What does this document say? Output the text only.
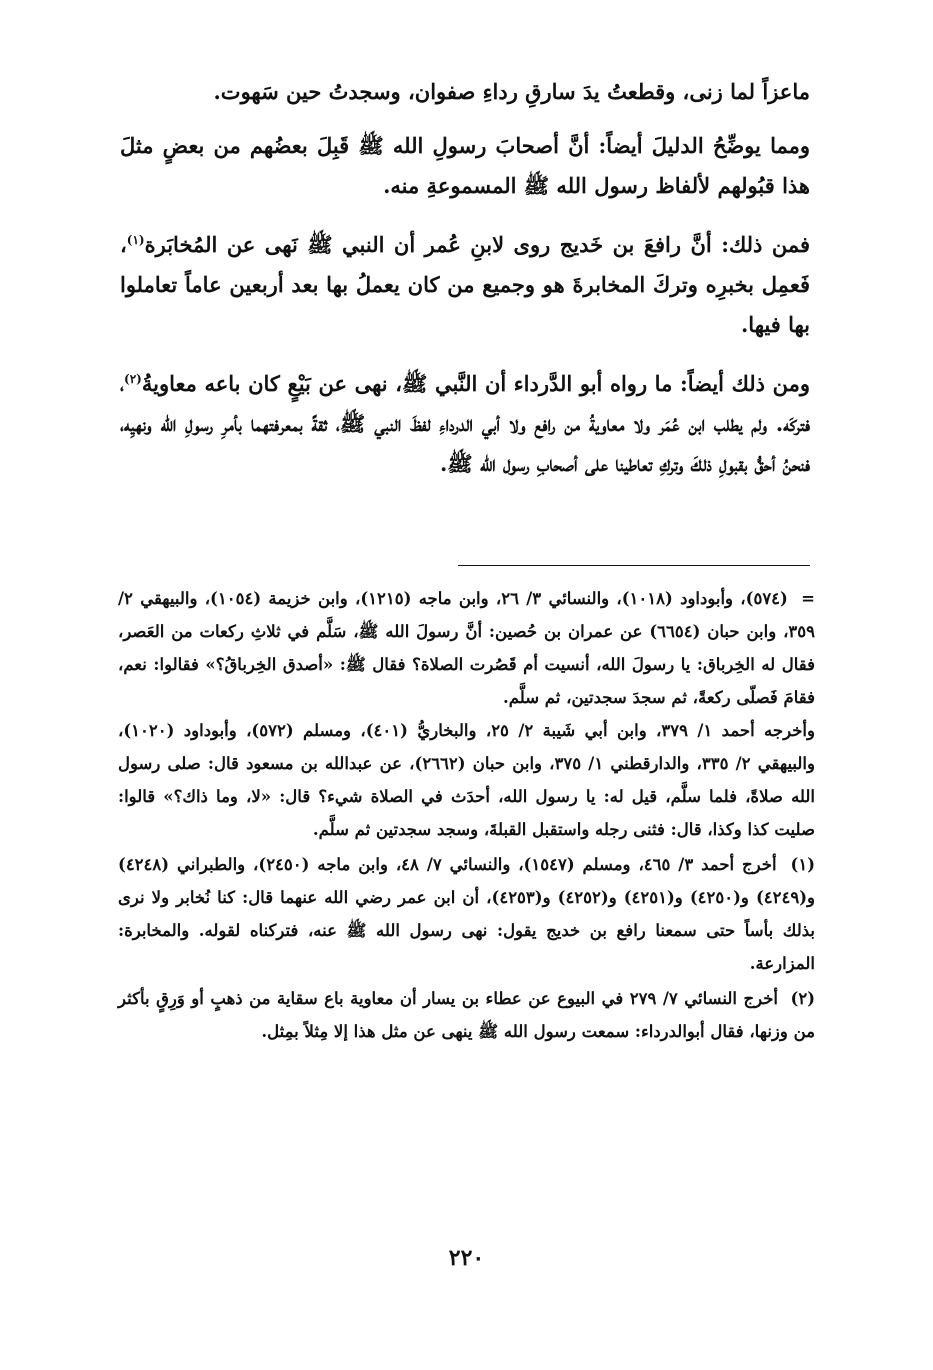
ماعزاً لما زنى، وقطعتُ يدَ سارقِ رداءِ صفوان، وسجدتُ حين سَهوت.

ومما يوضِّحُ الدليلَ أيضاً: أنَّ أصحابَ رسولِ الله ﷺ قَبِلَ بعضُهم من بعضٍ مثلَ هذا قبُولهم لألفاظ رسول الله ﷺ المسموعةِ منه.

فمن ذلك: أنَّ رافعَ بن خَديج روى لابنِ عُمر أن النبي ﷺ نَهى عن المُخابَرة$^{(١)}$، فَعمِل بخبرِه وتركَ المخابرةَ هو وجميع من كان يعملُ بها بعد أربعين عاماً تعاملوا بها فيها.

ومن ذلك أيضاً: ما رواه أبو الدَّرداء أن النَّبي ﷺ، نهى عن بَيْعٍ كان باعه معاويةُ$^{(٢)}$، فتركَه. ولم يطلب ابن عُمَر ولا معاويةُ من رافع ولا أبي الدرداءِ لفظَ النبي ﷺ، ثقةً بمعرفتهما بأمرِ رسولِ الله ونهيِه، فنحنُ أحقُّ بقبولِ ذلكَ وتركِ تعاطينا على أصحابِ رسول الله ﷺ.

= (٥٧٤)، وأبوداود (١٠١٨)، والنسائي ٣/ ٢٦، وابن ماجه (١٢١٥)، وابن خزيمة (١٠٥٤)، والبيهقي ٢/ ٣٥٩، وابن حبان (٦٦٥٤) عن عمران بن حُصين: أنَّ رسولَ الله ﷺ، سَلَّم في ثلاثِ ركعات من العَصر، فقال له الخِرباق: يا رسولَ الله، أنسيت أم قَصُرت الصلاة؟ فقال ﷺ: «أصدق الخِرباقُ؟» فقالوا: نعم، فقامَ فَصلّى ركعةً، ثم سجدَ سجدتين، ثم سلَّم.

وأخرجه أحمد ١/ ٣٧٩، وابن أبي شَيبة ٢/ ٢٥، والبخاريُّ (٤٠١)، ومسلم (٥٧٢)، وأبوداود (١٠٢٠)، والبيهقي ٢/ ٣٣٥، والدارقطني ١/ ٣٧٥، وابن حبان (٢٦٦٢)، عن عبدالله بن مسعود قال: صلى رسول الله صلاةً، فلما سلَّم، قيل له: يا رسول الله، أحدَث في الصلاة شيء؟ قال: «لا، وما ذاك؟» قالوا: صليت كذا وكذا، قال: فثنى رجله واستقبل القبلةَ، وسجد سجدتين ثم سلَّم.

(١) أخرج أحمد ٣/ ٤٦٥، ومسلم (١٥٤٧)، والنسائي ٧/ ٤٨، وابن ماجه (٢٤٥٠)، والطبراني (٤٢٤٨) و(٤٢٤٩) و(٤٢٥٠) و(٤٢٥١) و(٤٢٥٢) و(٤٢٥٣)، أن ابن عمر رضي الله عنهما قال: كنا نُخابر ولا نرى بذلك بأساً حتى سمعنا رافع بن خديج يقول: نهى رسول الله ﷺ عنه، فتركناه لقوله. والمخابرة: المزارعة.

(٢) أخرج النسائي ٧/ ٢٧٩ في البيوع عن عطاء بن يسار أن معاوية باع سقاية من ذهبٍ أو وَرِقٍ بأكثر من وزنها، فقال أبوالدرداء: سمعت رسول الله ﷺ ينهى عن مثل هذا إلا مِثلاً بمِثل.

٢٢٠
